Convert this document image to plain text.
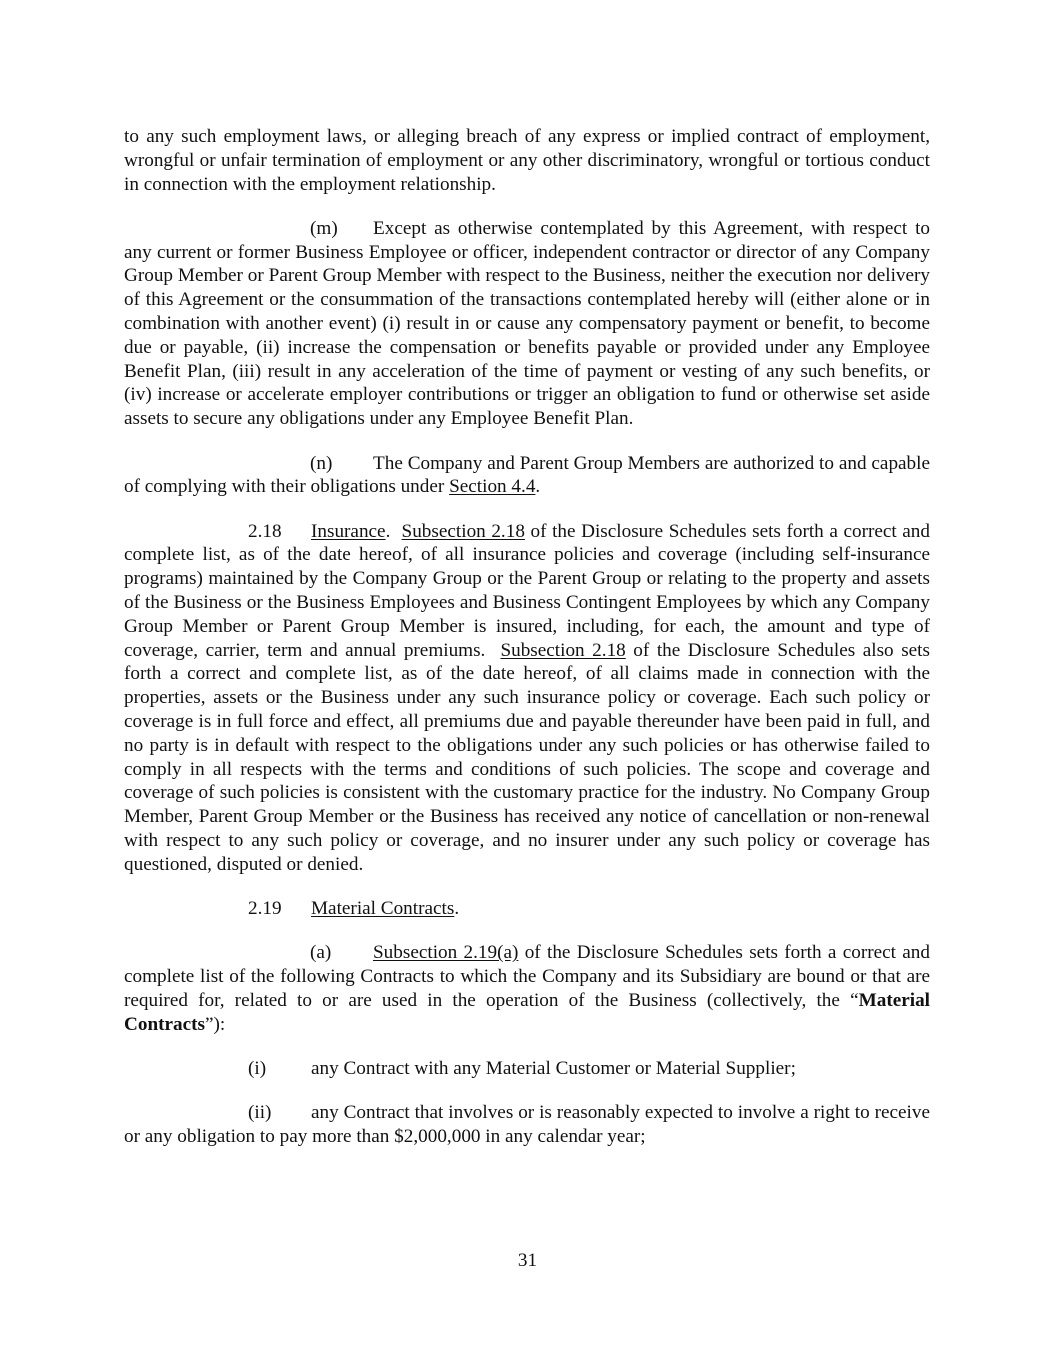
to any such employment laws, or alleging breach of any express or implied contract of employment, wrongful or unfair termination of employment or any other discriminatory, wrongful or tortious conduct in connection with the employment relationship.

(m) Except as otherwise contemplated by this Agreement, with respect to any current or former Business Employee or officer, independent contractor or director of any Company Group Member or Parent Group Member with respect to the Business, neither the execution nor delivery of this Agreement or the consummation of the transactions contemplated hereby will (either alone or in combination with another event) (i) result in or cause any compensatory payment or benefit, to become due or payable, (ii) increase the compensation or benefits payable or provided under any Employee Benefit Plan, (iii) result in any acceleration of the time of payment or vesting of any such benefits, or (iv) increase or accelerate employer contributions or trigger an obligation to fund or otherwise set aside assets to secure any obligations under any Employee Benefit Plan.

(n) The Company and Parent Group Members are authorized to and capable of complying with their obligations under Section 4.4.

2.18 Insurance. Subsection 2.18 of the Disclosure Schedules sets forth a correct and complete list, as of the date hereof, of all insurance policies and coverage (including self-insurance programs) maintained by the Company Group or the Parent Group or relating to the property and assets of the Business or the Business Employees and Business Contingent Employees by which any Company Group Member or Parent Group Member is insured, including, for each, the amount and type of coverage, carrier, term and annual premiums. Subsection 2.18 of the Disclosure Schedules also sets forth a correct and complete list, as of the date hereof, of all claims made in connection with the properties, assets or the Business under any such insurance policy or coverage. Each such policy or coverage is in full force and effect, all premiums due and payable thereunder have been paid in full, and no party is in default with respect to the obligations under any such policies or has otherwise failed to comply in all respects with the terms and conditions of such policies. The scope and coverage and coverage of such policies is consistent with the customary practice for the industry. No Company Group Member, Parent Group Member or the Business has received any notice of cancellation or non-renewal with respect to any such policy or coverage, and no insurer under any such policy or coverage has questioned, disputed or denied.

2.19 Material Contracts.

(a) Subsection 2.19(a) of the Disclosure Schedules sets forth a correct and complete list of the following Contracts to which the Company and its Subsidiary are bound or that are required for, related to or are used in the operation of the Business (collectively, the “Material Contracts”):

(i) any Contract with any Material Customer or Material Supplier;

(ii) any Contract that involves or is reasonably expected to involve a right to receive or any obligation to pay more than $2,000,000 in any calendar year;

31
